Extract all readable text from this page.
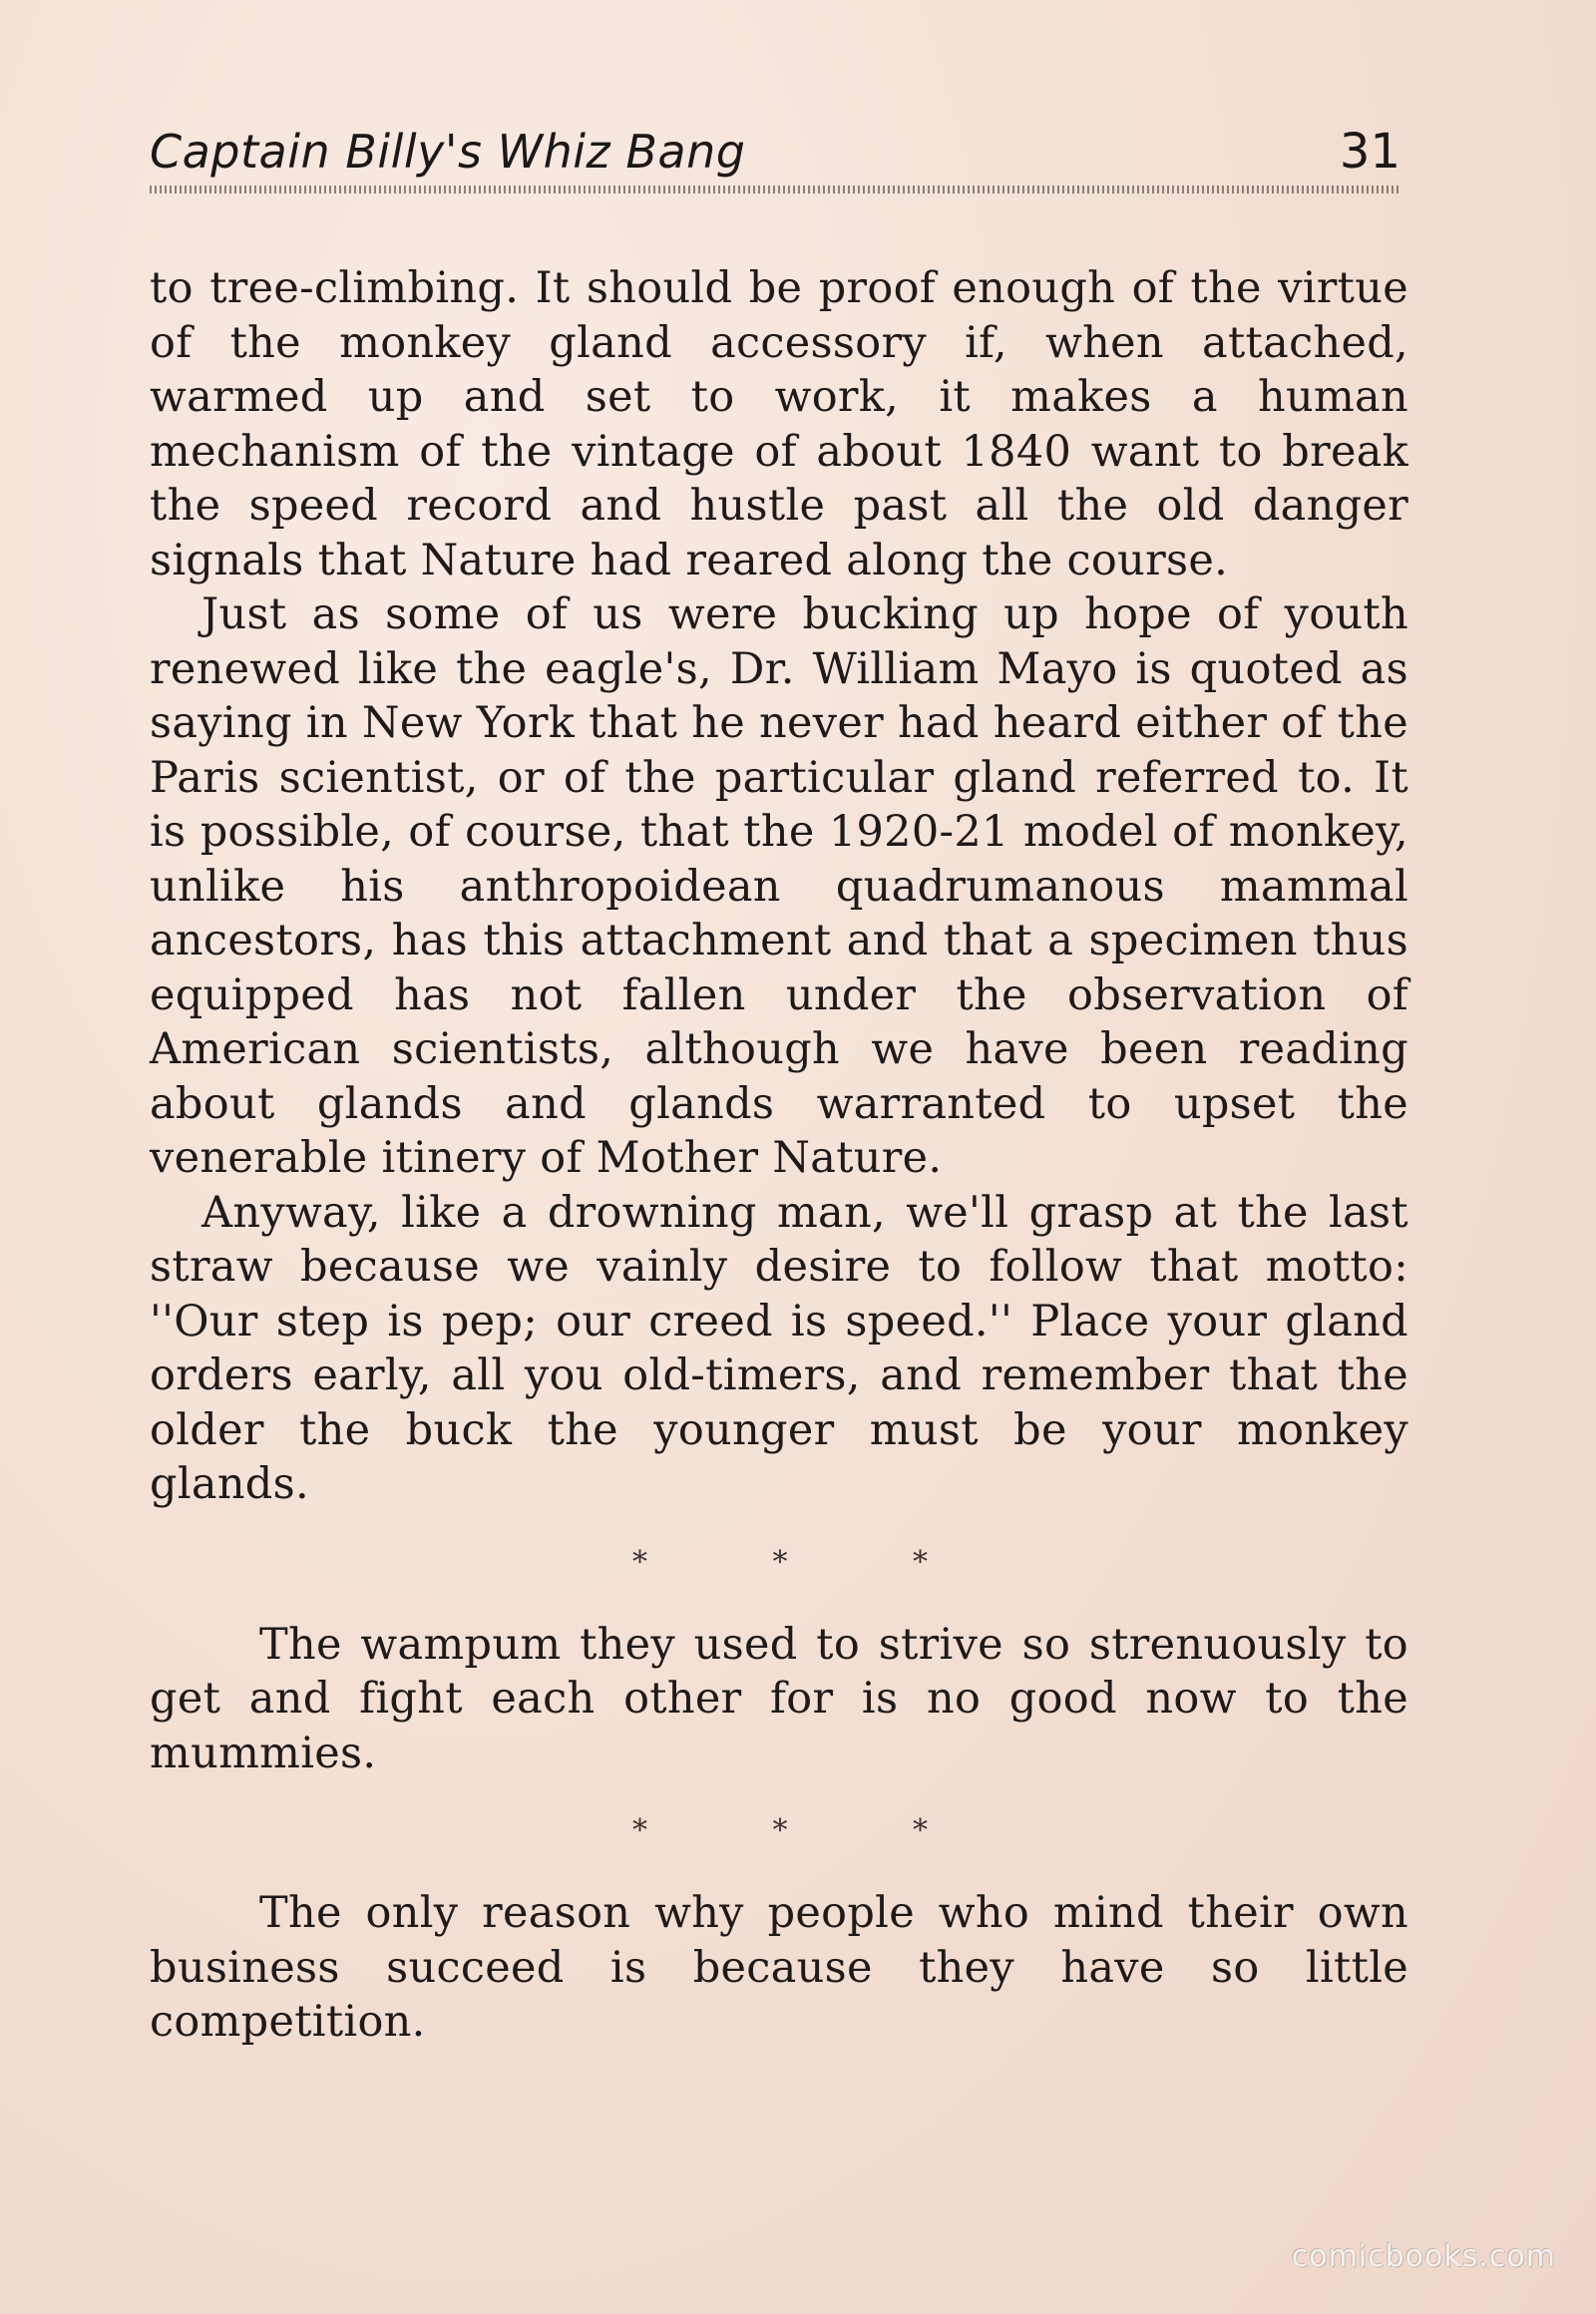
Captain Billy's Whiz Bang	31

to tree-climbing. It should be proof enough of the virtue of the monkey gland accessory if, when attached, warmed up and set to work, it makes a human mechanism of the vintage of about 1840 want to break the speed record and hustle past all the old danger signals that Nature had reared along the course.

Just as some of us were bucking up hope of youth renewed like the eagle's, Dr. William Mayo is quoted as saying in New York that he never had heard either of the Paris scientist, or of the particular gland referred to. It is possible, of course, that the 1920-21 model of monkey, unlike his anthropoidean quadrumanous mammal ancestors, has this attachment and that a specimen thus equipped has not fallen under the observation of American scientists, although we have been reading about glands and glands warranted to upset the venerable itinery of Mother Nature.

Anyway, like a drowning man, we'll grasp at the last straw because we vainly desire to follow that motto: ''Our step is pep; our creed is speed.'' Place your gland orders early, all you old-timers, and remember that the older the buck the younger must be your monkey glands.

* * *

The wampum they used to strive so strenuously to get and fight each other for is no good now to the mummies.

* * *

The only reason why people who mind their own business succeed is because they have so little competition.

comicbooks.com
